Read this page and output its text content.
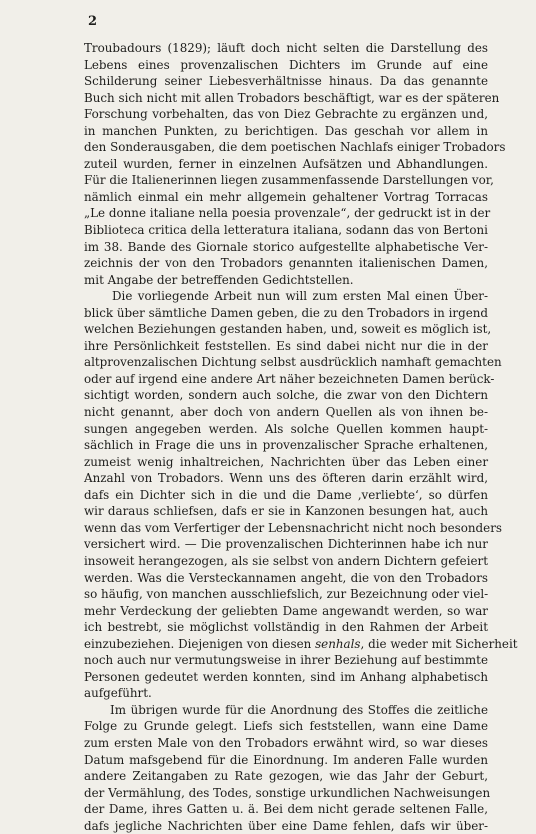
2
Troubadours (1829); läuft doch nicht selten die Darstellung des
Lebens eines provenzalischen Dichters im Grunde auf eine
Schilderung seiner Liebesverhältnisse hinaus. Da das genannte
Buch sich nicht mit allen Trobadors beschäftigt, war es der späteren
Forschung vorbehalten, das von Diez Gebrachte zu ergänzen und,
in manchen Punkten, zu berichtigen. Das geschah vor allem in
den Sonderausgaben, die dem poetischen Nachlafs einiger Trobadors
zuteil wurden, ferner in einzelnen Aufsätzen und Abhandlungen.
Für die Italienerinnen liegen zusammenfassende Darstellungen vor,
nämlich einmal ein mehr allgemein gehaltener Vortrag Torracas
„Le donne italiane nella poesia provenzale“, der gedruckt ist in der
Biblioteca critica della letteratura italiana, sodann das von Bertoni
im 38. Bande des Giornale storico aufgestellte alphabetische Ver-
zeichnis der von den Trobadors genannten italienischen Damen,
mit Angabe der betreffenden Gedichtstellen.
Die vorliegende Arbeit nun will zum ersten Mal einen Über-
blick über sämtliche Damen geben, die zu den Trobadors in irgend
welchen Beziehungen gestanden haben, und, soweit es möglich ist,
ihre Persönlichkeit feststellen. Es sind dabei nicht nur die in der
altprovenzalischen Dichtung selbst ausdrücklich namhaft gemachten
oder auf irgend eine andere Art näher bezeichneten Damen berück-
sichtigt worden, sondern auch solche, die zwar von den Dichtern
nicht genannt, aber doch von andern Quellen als von ihnen be-
sungen angegeben werden. Als solche Quellen kommen haupt-
sächlich in Frage die uns in provenzalischer Sprache erhaltenen,
zumeist wenig inhaltreichen, Nachrichten über das Leben einer
Anzahl von Trobadors. Wenn uns des öfteren darin erzählt wird,
dafs ein Dichter sich in die und die Dame ‚verliebte‘, so dürfen
wir daraus schliefsen, dafs er sie in Kanzonen besungen hat, auch
wenn das vom Verfertiger der Lebensnachricht nicht noch besonders
versichert wird. — Die provenzalischen Dichterinnen habe ich nur
insoweit herangezogen, als sie selbst von andern Dichtern gefeiert
werden. Was die Versteckannamen angeht, die von den Trobadors
so häufig, von manchen ausschliefslich, zur Bezeichnung oder viel-
mehr Verdeckung der geliebten Dame angewandt werden, so war
ich bestrebt, sie möglichst vollständig in den Rahmen der Arbeit
einzubeziehen. Diejenigen von diesen senhals, die weder mit Sicherheit
noch auch nur vermutungsweise in ihrer Beziehung auf bestimmte
Personen gedeutet werden konnten, sind im Anhang alphabetisch
aufgeführt.
Im übrigen wurde für die Anordnung des Stoffes die zeitliche
Folge zu Grunde gelegt. Liefs sich feststellen, wann eine Dame
zum ersten Male von den Trobadors erwähnt wird, so war dieses
Datum mafsgebend für die Einordnung. Im anderen Falle wurden
andere Zeitangaben zu Rate gezogen, wie das Jahr der Geburt,
der Vermählung, des Todes, sonstige urkundlichen Nachweisungen
der Dame, ihres Gatten u. ä. Bei dem nicht gerade seltenen Falle,
dafs jegliche Nachrichten über eine Dame fehlen, dafs wir über-
